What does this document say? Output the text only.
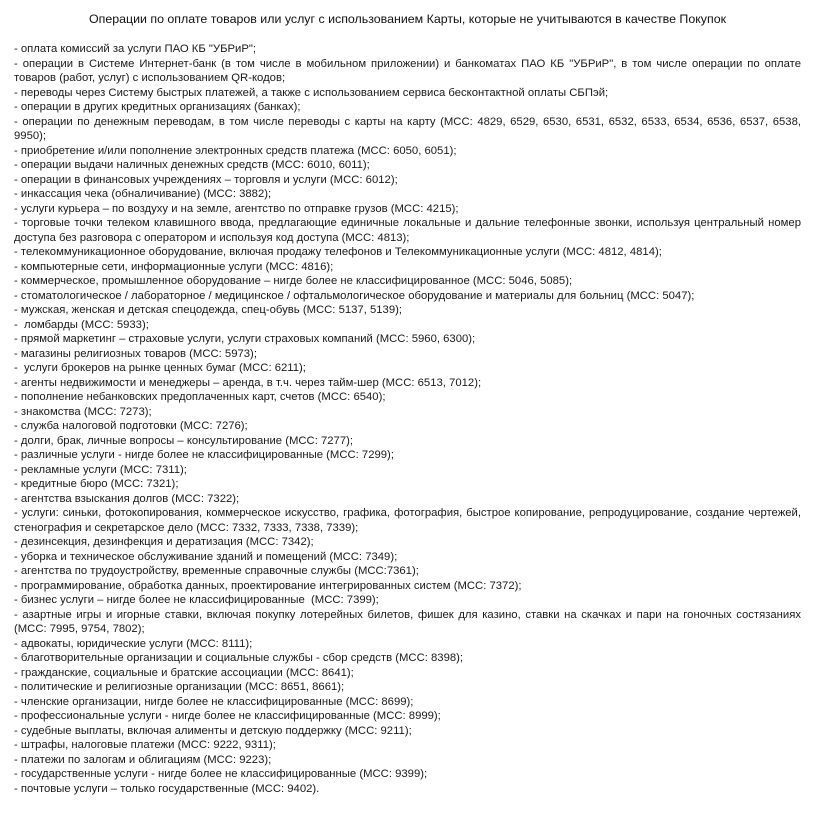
Операции по оплате товаров или услуг с использованием Карты, которые не учитываются в качестве Покупок
- оплата комиссий за услуги ПАО КБ "УБРиР";
- операции в Системе Интернет-банк (в том числе в мобильном приложении) и банкоматах ПАО КБ "УБРиР", в том числе операции по оплате товаров (работ, услуг) с использованием QR-кодов;
- переводы через Систему быстрых платежей, а также с использованием сервиса бесконтактной оплаты СБПэй;
- операции в других кредитных организациях (банках);
- операции по денежным переводам, в том числе переводы с карты на карту (MCC: 4829, 6529, 6530, 6531, 6532, 6533, 6534, 6536, 6537, 6538, 9950);
- приобретение и/или пополнение электронных средств платежа (MCC: 6050, 6051);
- операции выдачи наличных денежных средств (MCC: 6010, 6011);
- операции в финансовых учреждениях – торговля и услуги (MCC: 6012);
- инкассация чека (обналичивание) (MCC: 3882);
- услуги курьера – по воздуху и на земле, агентство по отправке грузов (MCC: 4215);
- торговые точки телеком клавишного ввода, предлагающие единичные локальные и дальние телефонные звонки, используя центральный номер доступа без разговора с оператором и используя код доступа (MCC: 4813);
- телекоммуникационное оборудование, включая продажу телефонов и Телекоммуникационные услуги (MCC: 4812, 4814);
- компьютерные сети, информационные услуги (MCC: 4816);
- коммерческое, промышленное оборудование – нигде более не классифицированное (MCC: 5046, 5085);
- стоматологическое / лабораторное / медицинское / офтальмологическое оборудование и материалы для больниц (MCC: 5047);
- мужская, женская и детская спецодежда, спец-обувь (MCC: 5137, 5139);
-  ломбарды (MCC: 5933);
- прямой маркетинг – страховые услуги, услуги страховых компаний (MCC: 5960, 6300);
- магазины религиозных товаров (MCC: 5973);
-  услуги брокеров на рынке ценных бумаг (MCC: 6211);
- агенты недвижимости и менеджеры – аренда, в т.ч. через тайм-шер (MCC: 6513, 7012);
- пополнение небанковских предоплаченных карт, счетов (MCC: 6540);
- знакомства (MCC: 7273);
- служба налоговой подготовки (MCC: 7276);
- долги, брак, личные вопросы – консультирование (MCC: 7277);
- различные услуги - нигде более не классифицированные (MCC: 7299);
- рекламные услуги (MCC: 7311);
- кредитные бюро (MCC: 7321);
- агентства взыскания долгов (MCC: 7322);
- услуги: синьки, фотокопирования, коммерческое искусство, графика, фотография, быстрое копирование, репродуцирование, создание чертежей, стенография и секретарское дело (MCC: 7332, 7333, 7338, 7339);
- дезинсекция, дезинфекция и дератизация (MCC: 7342);
- уборка и техническое обслуживание зданий и помещений (MCC: 7349);
- агентства по трудоустройству, временные справочные службы (MCC:7361);
- программирование, обработка данных, проектирование интегрированных систем (MCC: 7372);
- бизнес услуги – нигде более не классифицированные  (MCC: 7399);
- азартные игры и игорные ставки, включая покупку лотерейных билетов, фишек для казино, ставки на скачках и пари на гоночных состязаниях (MCC: 7995, 9754, 7802);
- адвокаты, юридические услуги (MCC: 8111);
- благотворительные организации и социальные службы - сбор средств (MCC: 8398);
- гражданские, социальные и братские ассоциации (MCC: 8641);
- политические и религиозные организации (MCC: 8651, 8661);
- членские организации, нигде более не классифицированные (MCC: 8699);
- профессиональные услуги - нигде более не классифицированные (MCC: 8999);
- судебные выплаты, включая алименты и детскую поддержку (MCC: 9211);
- штрафы, налоговые платежи (MCC: 9222, 9311);
- платежи по залогам и облигациям (MCC: 9223);
- государственные услуги - нигде более не классифицированные (MCC: 9399);
- почтовые услуги – только государственные (MCC: 9402).
